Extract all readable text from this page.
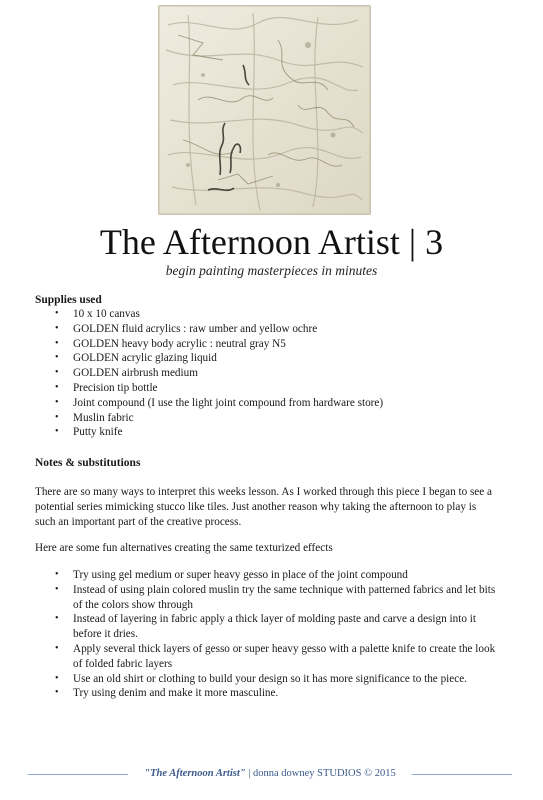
The Afternoon Artist | 3
begin painting masterpieces in minutes
Supplies used
• 10 x 10 canvas
• GOLDEN fluid acrylics : raw umber and yellow ochre
• GOLDEN heavy body acrylic : neutral gray N5
• GOLDEN acrylic glazing liquid
• GOLDEN airbrush medium
• Precision tip bottle
• Joint compound (I use the light joint compound from hardware store)
• Muslin fabric
• Putty knife
Notes & substitutions
There are so many ways to interpret this weeks lesson. As I worked through this piece I began to see a potential series mimicking stucco like tiles. Just another reason why taking the afternoon to play is such an important part of the creative process.
Here are some fun alternatives creating the same texturized effects
• Try using gel medium or super heavy gesso in place of the joint compound
• Instead of using plain colored muslin try the same technique with patterned fabrics and let bits of the colors show through
• Instead of layering in fabric apply a thick layer of molding paste and carve a design into it before it dries.
• Apply several thick layers of gesso or super heavy gesso with a palette knife to create the look of folded fabric layers
• Use an old shirt or clothing to build your design so it has more significance to the piece.
• Try using denim and make it more masculine.
"The Afternoon Artist" | donna downey STUDIOS © 2015
